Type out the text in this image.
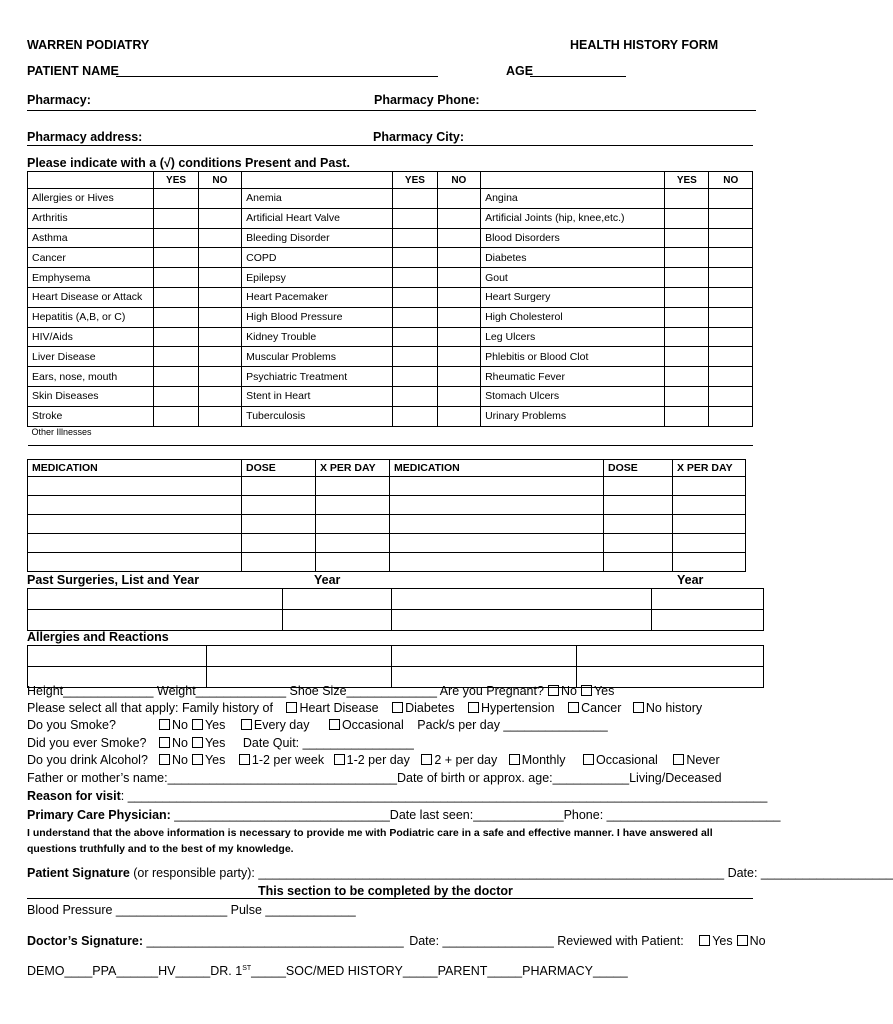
WARREN PODIATRY	HEALTH HISTORY FORM
PATIENT NAME	AGE
Pharmacy:	Pharmacy Phone:
Pharmacy address:	Pharmacy City:
Please indicate with a (√) conditions Present and Past.
	YES	NO		YES	NO		YES	NO
Allergies or Hives			Anemia			Angina		
Arthritis			Artificial Heart Valve			Artificial Joints (hip, knee,etc.)		
Asthma			Bleeding Disorder			Blood Disorders		
Cancer			COPD			Diabetes		
Emphysema			Epilepsy			Gout		
Heart Disease or Attack			Heart Pacemaker			Heart Surgery		
Hepatitis (A,B, or C)			High Blood Pressure			High Cholesterol		
HIV/Aids			Kidney Trouble			Leg Ulcers		
Liver Disease			Muscular Problems			Phlebitis or Blood Clot		
Ears, nose, mouth			Psychiatric Treatment			Rheumatic Fever		
Skin Diseases			Stent in Heart			Stomach Ulcers		
Stroke			Tuberculosis			Urinary Problems		
Other Illnesses								
MEDICATION	DOSE	X PER DAY	MEDICATION	DOSE	X PER DAY

Past Surgeries, List and Year	Year	Year

Allergies and Reactions

Height_____________ Weight_____________ Shoe Size_____________ Are you Pregnant? No Yes
Please select all that apply: Family history of Heart Disease Diabetes Hypertension Cancer No history
Do you Smoke?	No Yes Every day	Occasional Pack/s per day _______________
Did you ever Smoke? No Yes Date Quit: ________________
Do you drink Alcohol? No Yes 1-2 per week 1-2 per day 2 + per day Monthly Occasional Never
Father or mother’s name:_________________________________Date of birth or approx. age:___________Living/Deceased
Reason for visit: ____________________________________________________________________________________________
Primary Care Physician: _______________________________Date last seen:_____________Phone: _________________________
I understand that the above information is necessary to provide me with Podiatric care in a safe and effective manner. I have answered all questions truthfully and to the best of my knowledge.
Patient Signature (or responsible party): ___________________________________________________________________ Date: ___________________
This section to be completed by the doctor
Blood Pressure ________________ Pulse _____________
Doctor’s Signature: _____________________________________ Date: ________________ Reviewed with Patient: Yes No
DEMO____PPA______HV_____DR. 1ST_____SOC/MED HISTORY_____PARENT_____PHARMACY_____
